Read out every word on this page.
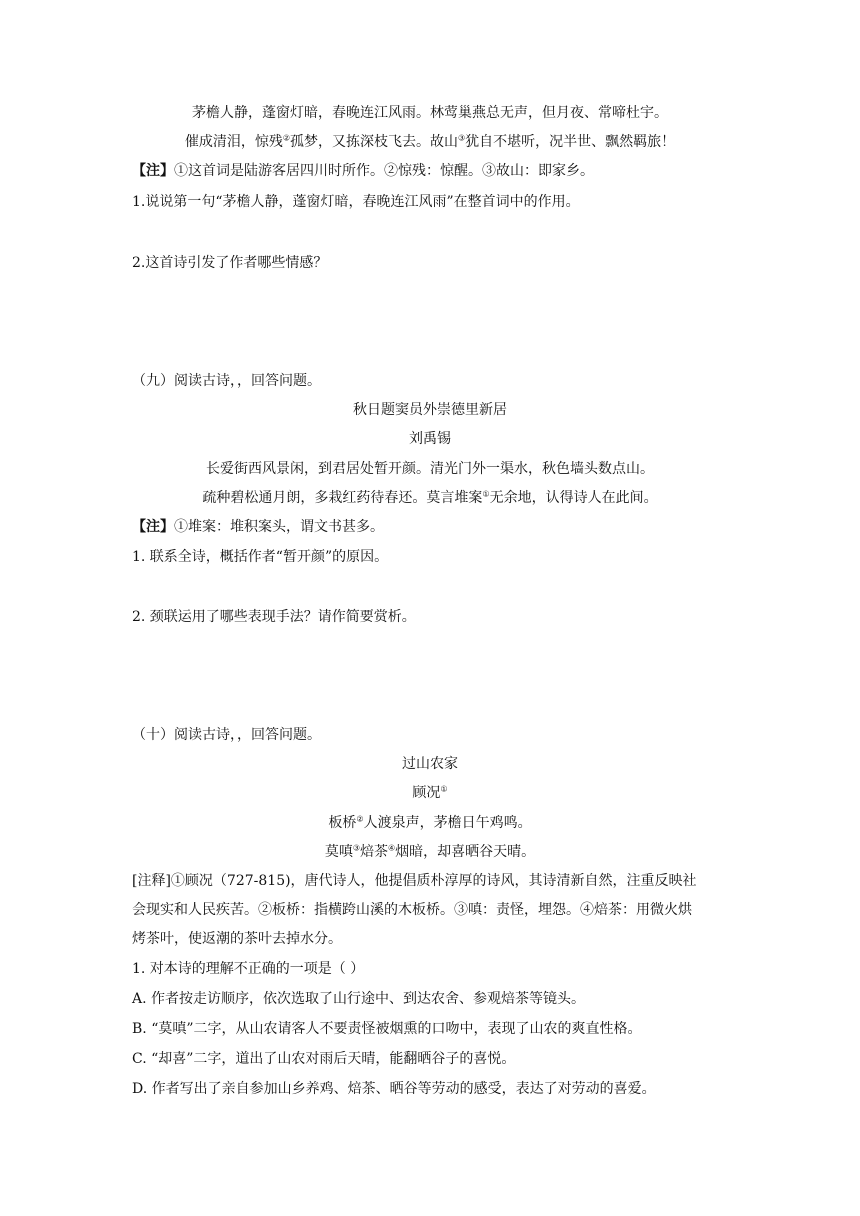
茅檐人静，蓬窗灯暗，春晚连江风雨。林莺巢燕总无声，但月夜、常啼杜宇。
催成清泪，惊残②孤梦，又拣深枝飞去。故山③犹自不堪听，况半世、飘然羁旅！
【注】①这首词是陆游客居四川时所作。②惊残：惊醒。③故山：即家乡。
1.说说第一句“茅檐人静，蓬窗灯暗，春晚连江风雨”在整首词中的作用。
2.这首诗引发了作者哪些情感？
（九）阅读古诗，，回答问题。
秋日题窦员外崇德里新居
刘禹锡
长爱街西风景闲，到君居处暂开颜。清光门外一渠水，秋色墙头数点山。
疏种碧松通月朗，多栽红药待春还。莫言堆案①无余地，认得诗人在此间。
【注】①堆案：堆积案头，谓文书甚多。
1. 联系全诗，概括作者“暂开颜”的原因。
2. 颈联运用了哪些表现手法？请作简要赏析。
（十）阅读古诗，，回答问题。
过山农家
顾况①
板桥②人渡泉声，茅檐日午鸡鸣。
莫嗔③焙茶④烟暗，却喜晒谷天晴。
[注释]①顾况（727-815)，唐代诗人，他提倡质朴淳厚的诗风，其诗清新自然，注重反映社
会现实和人民疾苦。②板桥：指横跨山溪的木板桥。③嗔：责怪，埋怨。④焙茶：用微火烘
烤茶叶，使返潮的茶叶去掉水分。
1. 对本诗的理解不正确的一项是（ ）
A. 作者按走访顺序，依次选取了山行途中、到达农舍、参观焙茶等镜头。
B. “莫嗔”二字，从山农请客人不要责怪被烟熏的口吻中，表现了山农的爽直性格。
C. “却喜”二字，道出了山农对雨后天晴，能翻晒谷子的喜悦。
D. 作者写出了亲自参加山乡养鸡、焙茶、晒谷等劳动的感受，表达了对劳动的喜爱。
